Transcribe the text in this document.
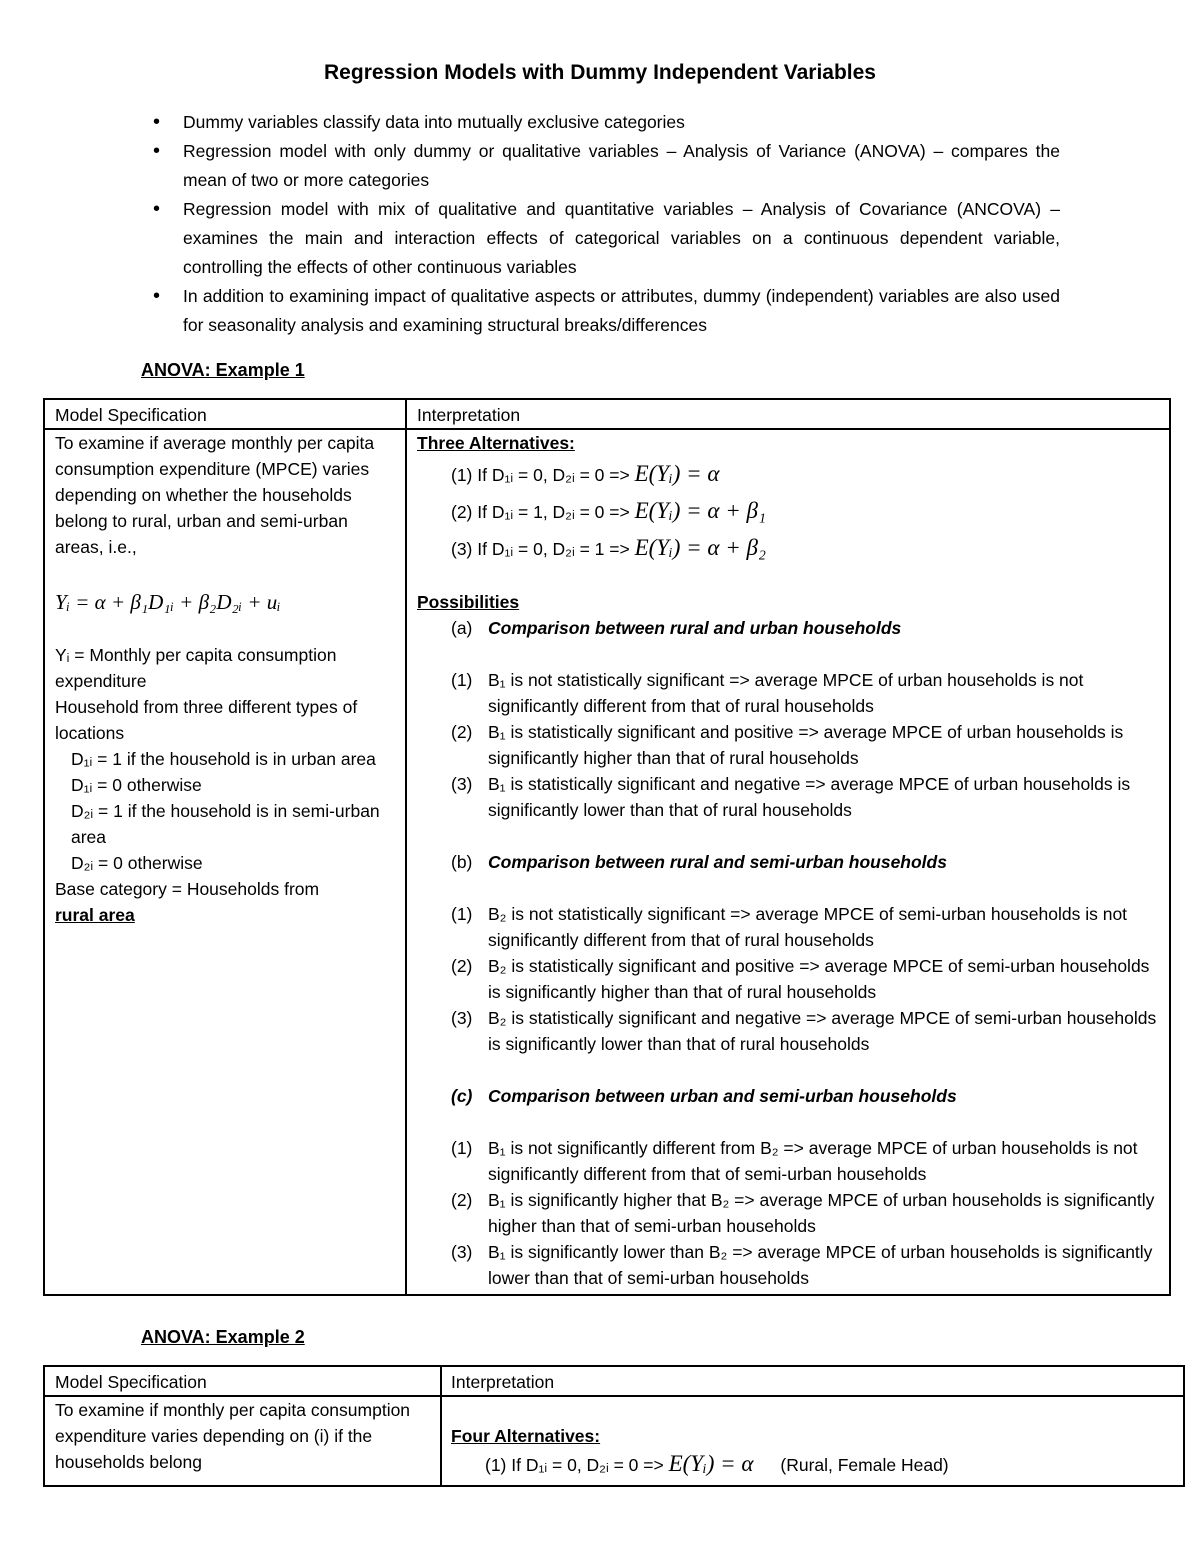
Regression Models with Dummy Independent Variables
• Dummy variables classify data into mutually exclusive categories
• Regression model with only dummy or qualitative variables – Analysis of Variance (ANOVA) – compares the mean of two or more categories
• Regression model with mix of qualitative and quantitative variables – Analysis of Covariance (ANCOVA) – examines the main and interaction effects of categorical variables on a continuous dependent variable, controlling the effects of other continuous variables
• In addition to examining impact of qualitative aspects or attributes, dummy (independent) variables are also used for seasonality analysis and examining structural breaks/differences
ANOVA: Example 1
Model Specification	Interpretation
To examine if average monthly per capita consumption expenditure (MPCE) varies depending on whether the households belong to rural, urban and semi-urban areas, i.e.,
Yᵢ = α + β₁D₁ᵢ + β₂D₂ᵢ + uᵢ
Yᵢ = Monthly per capita consumption expenditure
Household from three different types of locations
D₁ᵢ = 1 if the household is in urban area
D₁ᵢ = 0 otherwise
D₂ᵢ = 1 if the household is in semi-urban area
D₂ᵢ = 0 otherwise
Base category = Households from
rural area
Three Alternatives:
(1) If D₁ᵢ = 0, D₂ᵢ = 0 => E(Yᵢ) = α
(2) If D₁ᵢ = 1, D₂ᵢ = 0 => E(Yᵢ) = α + β₁
(3) If D₁ᵢ = 0, D₂ᵢ = 1 => E(Yᵢ) = α + β₂
Possibilities
(a) Comparison between rural and urban households
(1) B₁ is not statistically significant => average MPCE of urban households is not significantly different from that of rural households
(2) B₁ is statistically significant and positive => average MPCE of urban households is significantly higher than that of rural households
(3) B₁ is statistically significant and negative => average MPCE of urban households is significantly lower than that of rural households
(b) Comparison between rural and semi-urban households
(1) B₂ is not statistically significant => average MPCE of semi-urban households is not significantly different from that of rural households
(2) B₂ is statistically significant and positive => average MPCE of semi-urban households is significantly higher than that of rural households
(3) B₂ is statistically significant and negative => average MPCE of semi-urban households is significantly lower than that of rural households
(c) Comparison between urban and semi-urban households
(1) B₁ is not significantly different from B₂ => average MPCE of urban households is not significantly different from that of semi-urban households
(2) B₁ is significantly higher that B₂ => average MPCE of urban households is significantly higher than that of semi-urban households
(3) B₁ is significantly lower than B₂ => average MPCE of urban households is significantly lower than that of semi-urban households
ANOVA: Example 2
Model Specification	Interpretation
To examine if monthly per capita consumption expenditure varies depending on (i) if the households belong
Four Alternatives:
(1) If D₁ᵢ = 0, D₂ᵢ = 0 => E(Yᵢ) = α (Rural, Female Head)
